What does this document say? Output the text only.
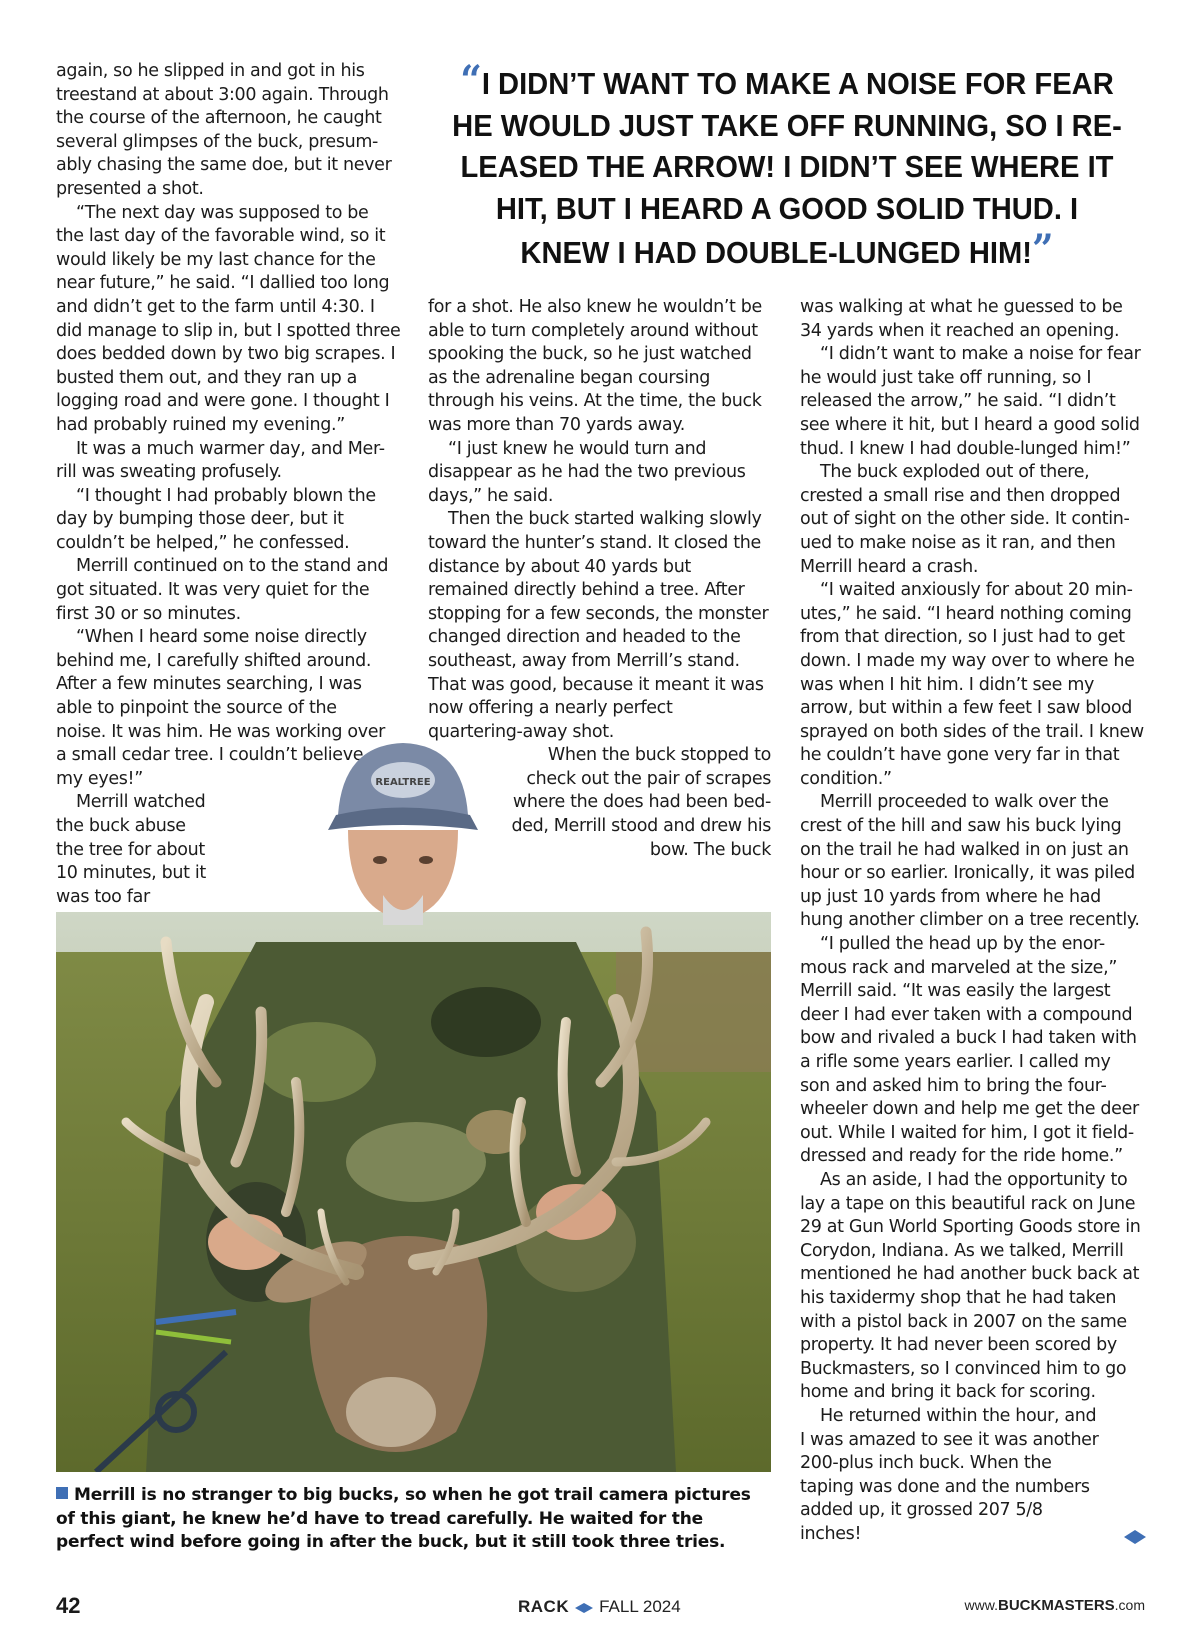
“I DIDN’T WANT TO MAKE A NOISE FOR FEAR HE WOULD JUST TAKE OFF RUNNING, SO I RE-LEASED THE ARROW! I DIDN’T SEE WHERE IT HIT, BUT I HEARD A GOOD SOLID THUD. I KNEW I HAD DOUBLE-LUNGED HIM!”

again, so he slipped in and got in his treestand at about 3:00 again. Through the course of the afternoon, he caught several glimpses of the buck, presum-ably chasing the same doe, but it never presented a shot.

“The next day was supposed to be the last day of the favorable wind, so it would likely be my last chance for the near future,” he said. “I dallied too long and didn’t get to the farm until 4:30. I did manage to slip in, but I spotted three does bedded down by two big scrapes. I busted them out, and they ran up a logging road and were gone. I thought I had probably ruined my evening.”

It was a much warmer day, and Mer-rill was sweating profusely.

“I thought I had probably blown the day by bumping those deer, but it couldn’t be helped,” he confessed.

Merrill continued on to the stand and got situated. It was very quiet for the first 30 or so minutes.

“When I heard some noise directly behind me, I carefully shifted around. After a few minutes searching, I was able to pinpoint the source of the noise. It was him. He was working over a small cedar tree. I couldn’t believe my eyes!”

Merrill watched the buck abuse the tree for about 10 minutes, but it was too far

for a shot. He also knew he wouldn’t be able to turn completely around without spooking the buck, so he just watched as the adrenaline began coursing through his veins. At the time, the buck was more than 70 yards away.

“I just knew he would turn and disappear as he had the two previous days,” he said.

Then the buck started walking slowly toward the hunter’s stand. It closed the distance by about 40 yards but remained directly behind a tree. After stopping for a few seconds, the monster changed direction and headed to the southeast, away from Merrill’s stand. That was good, because it meant it was now offering a nearly perfect quartering-away shot.

When the buck stopped to check out the pair of scrapes where the does had been bed-ded, Merrill stood and drew his bow. The buck

was walking at what he guessed to be 34 yards when it reached an opening.

“I didn’t want to make a noise for fear he would just take off running, so I released the arrow,” he said. “I didn’t see where it hit, but I heard a good solid thud. I knew I had double-lunged him!”

The buck exploded out of there, crested a small rise and then dropped out of sight on the other side. It contin-ued to make noise as it ran, and then Merrill heard a crash.

“I waited anxiously for about 20 min-utes,” he said. “I heard nothing coming from that direction, so I just had to get down. I made my way over to where he was when I hit him. I didn’t see my arrow, but within a few feet I saw blood sprayed on both sides of the trail. I knew he couldn’t have gone very far in that condition.”

Merrill proceeded to walk over the crest of the hill and saw his buck lying on the trail he had walked in on just an hour or so earlier. Ironically, it was piled up just 10 yards from where he had hung another climber on a tree recently.

“I pulled the head up by the enor-mous rack and marveled at the size,” Merrill said. “It was easily the largest deer I had ever taken with a compound bow and rivaled a buck I had taken with a rifle some years earlier. I called my son and asked him to bring the four-wheeler down and help me get the deer out. While I waited for him, I got it field-dressed and ready for the ride home.”

As an aside, I had the opportunity to lay a tape on this beautiful rack on June 29 at Gun World Sporting Goods store in Corydon, Indiana. As we talked, Merrill mentioned he had another buck back at his taxidermy shop that he had taken with a pistol back in 2007 on the same property. It had never been scored by Buckmasters, so I convinced him to go home and bring it back for scoring.

He returned within the hour, and I was amazed to see it was another 200-plus inch buck. When the taping was done and the numbers added up, it grossed 207 5/8 inches!

REALTREE
Merrill is no stranger to big bucks, so when he got trail camera pictures of this giant, he knew he’d have to tread carefully. He waited for the perfect wind before going in after the buck, but it still took three tries.
42	RACK FALL 2024	www.BUCKMASTERS.com
